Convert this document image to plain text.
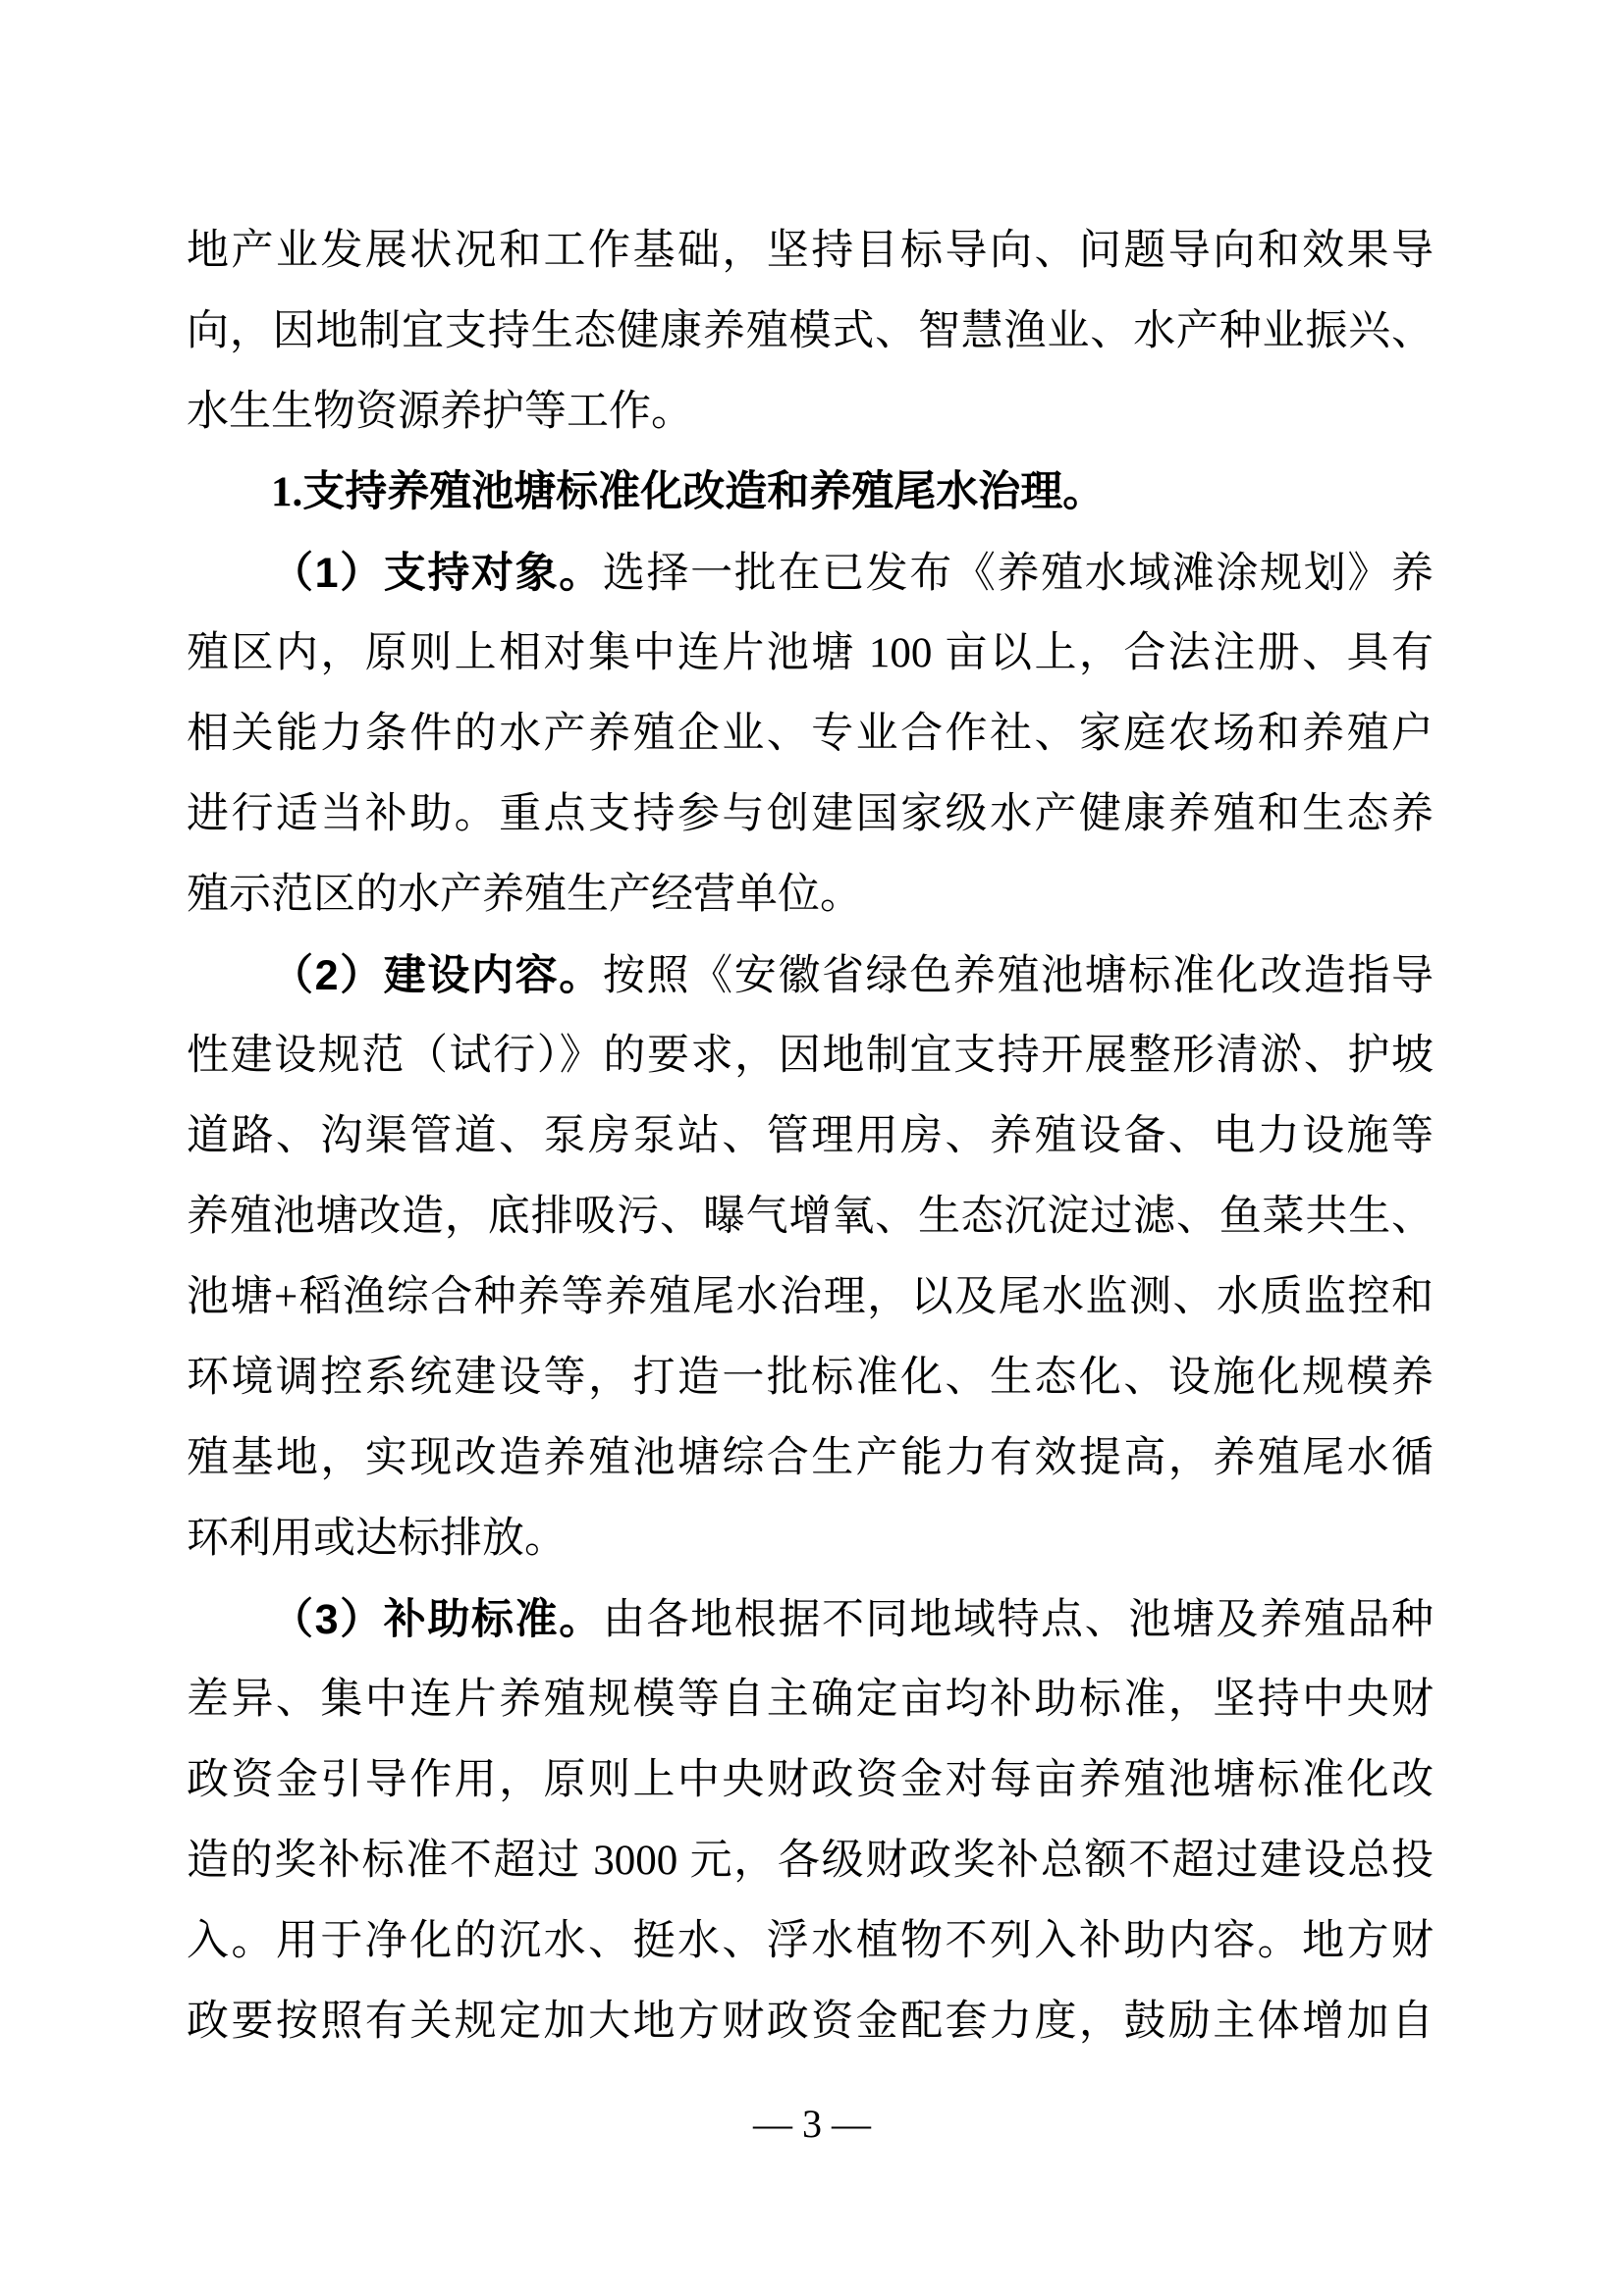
地产业发展状况和工作基础，坚持目标导向、问题导向和效果导
向，因地制宜支持生态健康养殖模式、智慧渔业、水产种业振兴、
水生生物资源养护等工作。
1.支持养殖池塘标准化改造和养殖尾水治理。
（1）支持对象。选择一批在已发布《养殖水域滩涂规划》养
殖区内，原则上相对集中连片池塘 100 亩以上，合法注册、具有
相关能力条件的水产养殖企业、专业合作社、家庭农场和养殖户
进行适当补助。重点支持参与创建国家级水产健康养殖和生态养
殖示范区的水产养殖生产经营单位。
（2）建设内容。按照《安徽省绿色养殖池塘标准化改造指导
性建设规范（试行）》的要求，因地制宜支持开展整形清淤、护坡
道路、沟渠管道、泵房泵站、管理用房、养殖设备、电力设施等
养殖池塘改造，底排吸污、曝气增氧、生态沉淀过滤、鱼菜共生、
池塘+稻渔综合种养等养殖尾水治理，以及尾水监测、水质监控和
环境调控系统建设等，打造一批标准化、生态化、设施化规模养
殖基地，实现改造养殖池塘综合生产能力有效提高，养殖尾水循
环利用或达标排放。
（3）补助标准。由各地根据不同地域特点、池塘及养殖品种
差异、集中连片养殖规模等自主确定亩均补助标准，坚持中央财
政资金引导作用，原则上中央财政资金对每亩养殖池塘标准化改
造的奖补标准不超过 3000 元，各级财政奖补总额不超过建设总投
入。用于净化的沉水、挺水、浮水植物不列入补助内容。地方财
政要按照有关规定加大地方财政资金配套力度，鼓励主体增加自
— 3 —
